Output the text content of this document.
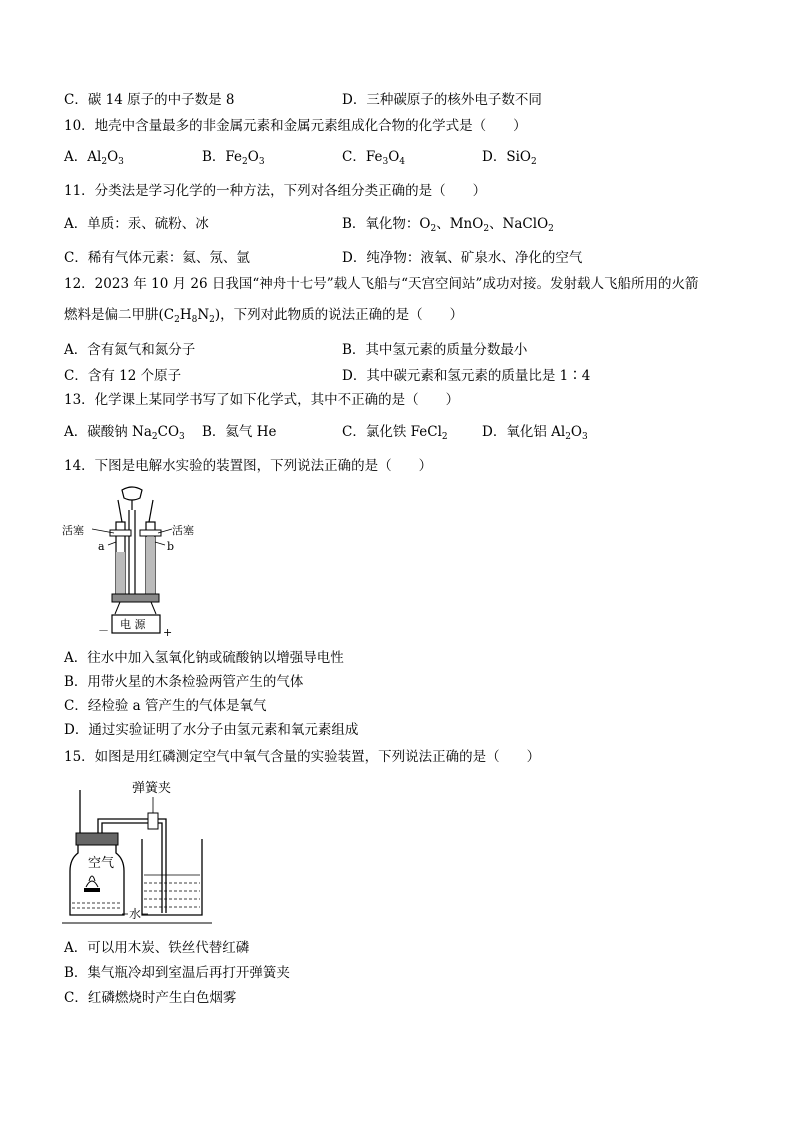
C．碳 14 原子的中子数是 8	D．三种碳原子的核外电子数不同
10．地壳中含量最多的非金属元素和金属元素组成化合物的化学式是（　　）
A．$Al_2O_3$	B．$Fe_2O_3$	C．$Fe_3O_4$	D．SiO$_2$
11．分类法是学习化学的一种方法，下列对各组分类正确的是（　　）
A．单质：汞、硫粉、冰	B．氧化物：$O_2$、MnO$_2$、NaClO$_2$
C．稀有气体元素：氦、氖、氩	D．纯净物：液氧、矿泉水、净化的空气
12．2023 年 10 月 26 日我国“神舟十七号”载人飞船与“天宫空间站”成功对接。发射载人飞船所用的火箭
燃料是偏二甲肼$(C_2H_8N_2)$，下列对此物质的说法正确的是（　　）
A．含有氮气和氮分子	B．其中氢元素的质量分数最小
C．含有 12 个原子	D．其中碳元素和氢元素的质量比是 1∶4
13．化学课上某同学书写了如下化学式，其中不正确的是（　　）
A．碳酸钠 $Na_2CO_3$ B．氦气 He	C．氯化铁 FeCl$_2$	D．氧化铝 $Al_2O_3$
14．下图是电解水实验的装置图，下列说法正确的是（　　）
活塞	活塞
a	b
电 源
－	+
A．往水中加入氢氧化钠或硫酸钠以增强导电性
B．用带火星的木条检验两管产生的气体
C．经检验 a 管产生的气体是氧气
D．通过实验证明了水分子由氢元素和氧元素组成
15．如图是用红磷测定空气中氧气含量的实验装置，下列说法正确的是（　　）
弹簧夹
空气
水
A．可以用木炭、铁丝代替红磷
B．集气瓶冷却到室温后再打开弹簧夹
C．红磷燃烧时产生白色烟雾
